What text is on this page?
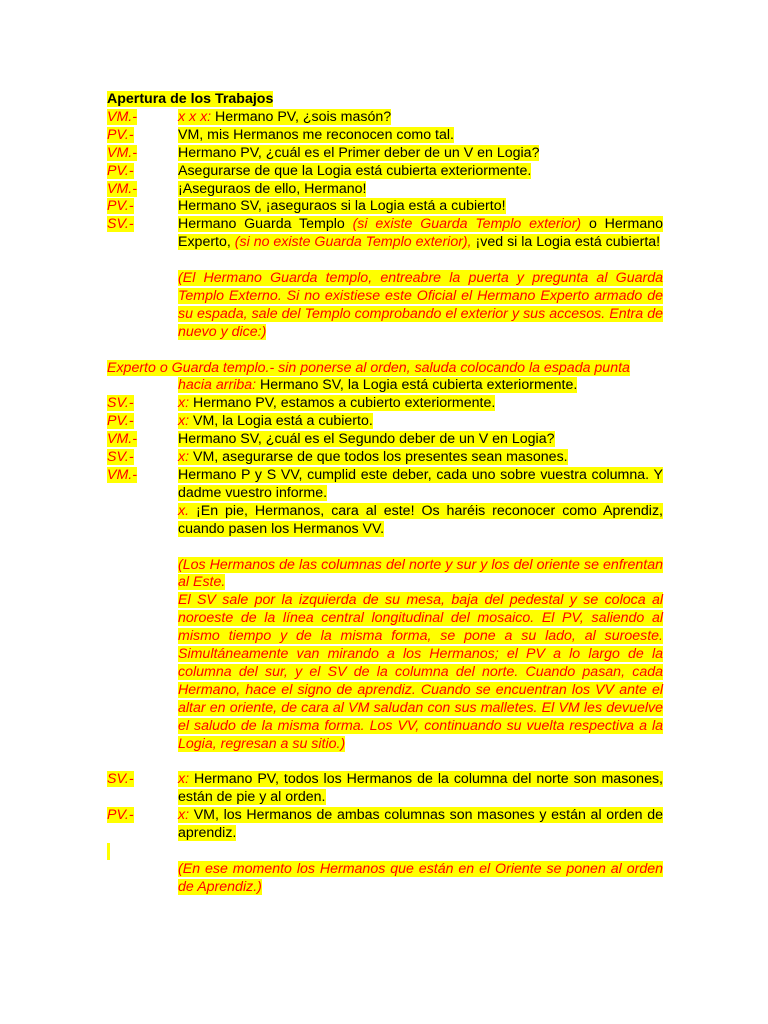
Apertura de los Trabajos
VM.-	x x x: Hermano PV, ¿sois masón?
PV.-	VM, mis Hermanos me reconocen como tal.
VM.-	Hermano PV, ¿cuál es el Primer deber de un V en Logia?
PV.-	Asegurarse de que la Logia está cubierta exteriormente.
VM.-	¡Aseguraos de ello, Hermano!
PV.-	Hermano SV, ¡aseguraos si la Logia está a cubierto!
SV.-	Hermano Guarda Templo (si existe Guarda Templo exterior) o Hermano Experto, (si no existe Guarda Templo exterior), ¡ved si la Logia está cubierta!
(El Hermano Guarda templo, entreabre la puerta y pregunta al Guarda Templo Externo. Si no existiese este Oficial el Hermano Experto armado de su espada, sale del Templo comprobando el exterior y sus accesos. Entra de nuevo y dice:)
Experto o Guarda templo.- sin ponerse al orden, saluda colocando la espada punta
hacia arriba: Hermano SV, la Logia está cubierta exteriormente.
SV.-	x: Hermano PV, estamos a cubierto exteriormente.
PV.-	x: VM, la Logia está a cubierto.
VM.-	Hermano SV, ¿cuál es el Segundo deber de un V en Logia?
SV.-	x: VM, asegurarse de que todos los presentes sean masones.
VM.-	Hermano P y S VV, cumplid este deber, cada uno sobre vuestra columna. Y dadme vuestro informe.
x. ¡En pie, Hermanos, cara al este! Os haréis reconocer como Aprendiz, cuando pasen los Hermanos VV.
(Los Hermanos de las columnas del norte y sur y los del oriente se enfrentan al Este.
El SV sale por la izquierda de su mesa, baja del pedestal y se coloca al noroeste de la línea central longitudinal del mosaico. El PV, saliendo al mismo tiempo y de la misma forma, se pone a su lado, al suroeste. Simultáneamente van mirando a los Hermanos; el PV a lo largo de la columna del sur, y el SV de la columna del norte. Cuando pasan, cada Hermano, hace el signo de aprendiz. Cuando se encuentran los VV ante el altar en oriente, de cara al VM saludan con sus malletes. El VM les devuelve el saludo de la misma forma. Los VV, continuando su vuelta respectiva a la Logia, regresan a su sitio.)
SV.-	x: Hermano PV, todos los Hermanos de la columna del norte son masones, están de pie y al orden.
PV.-	x: VM, los Hermanos de ambas columnas son masones y están al orden de aprendiz.
(En ese momento los Hermanos que están en el Oriente se ponen al orden de Aprendiz.)
